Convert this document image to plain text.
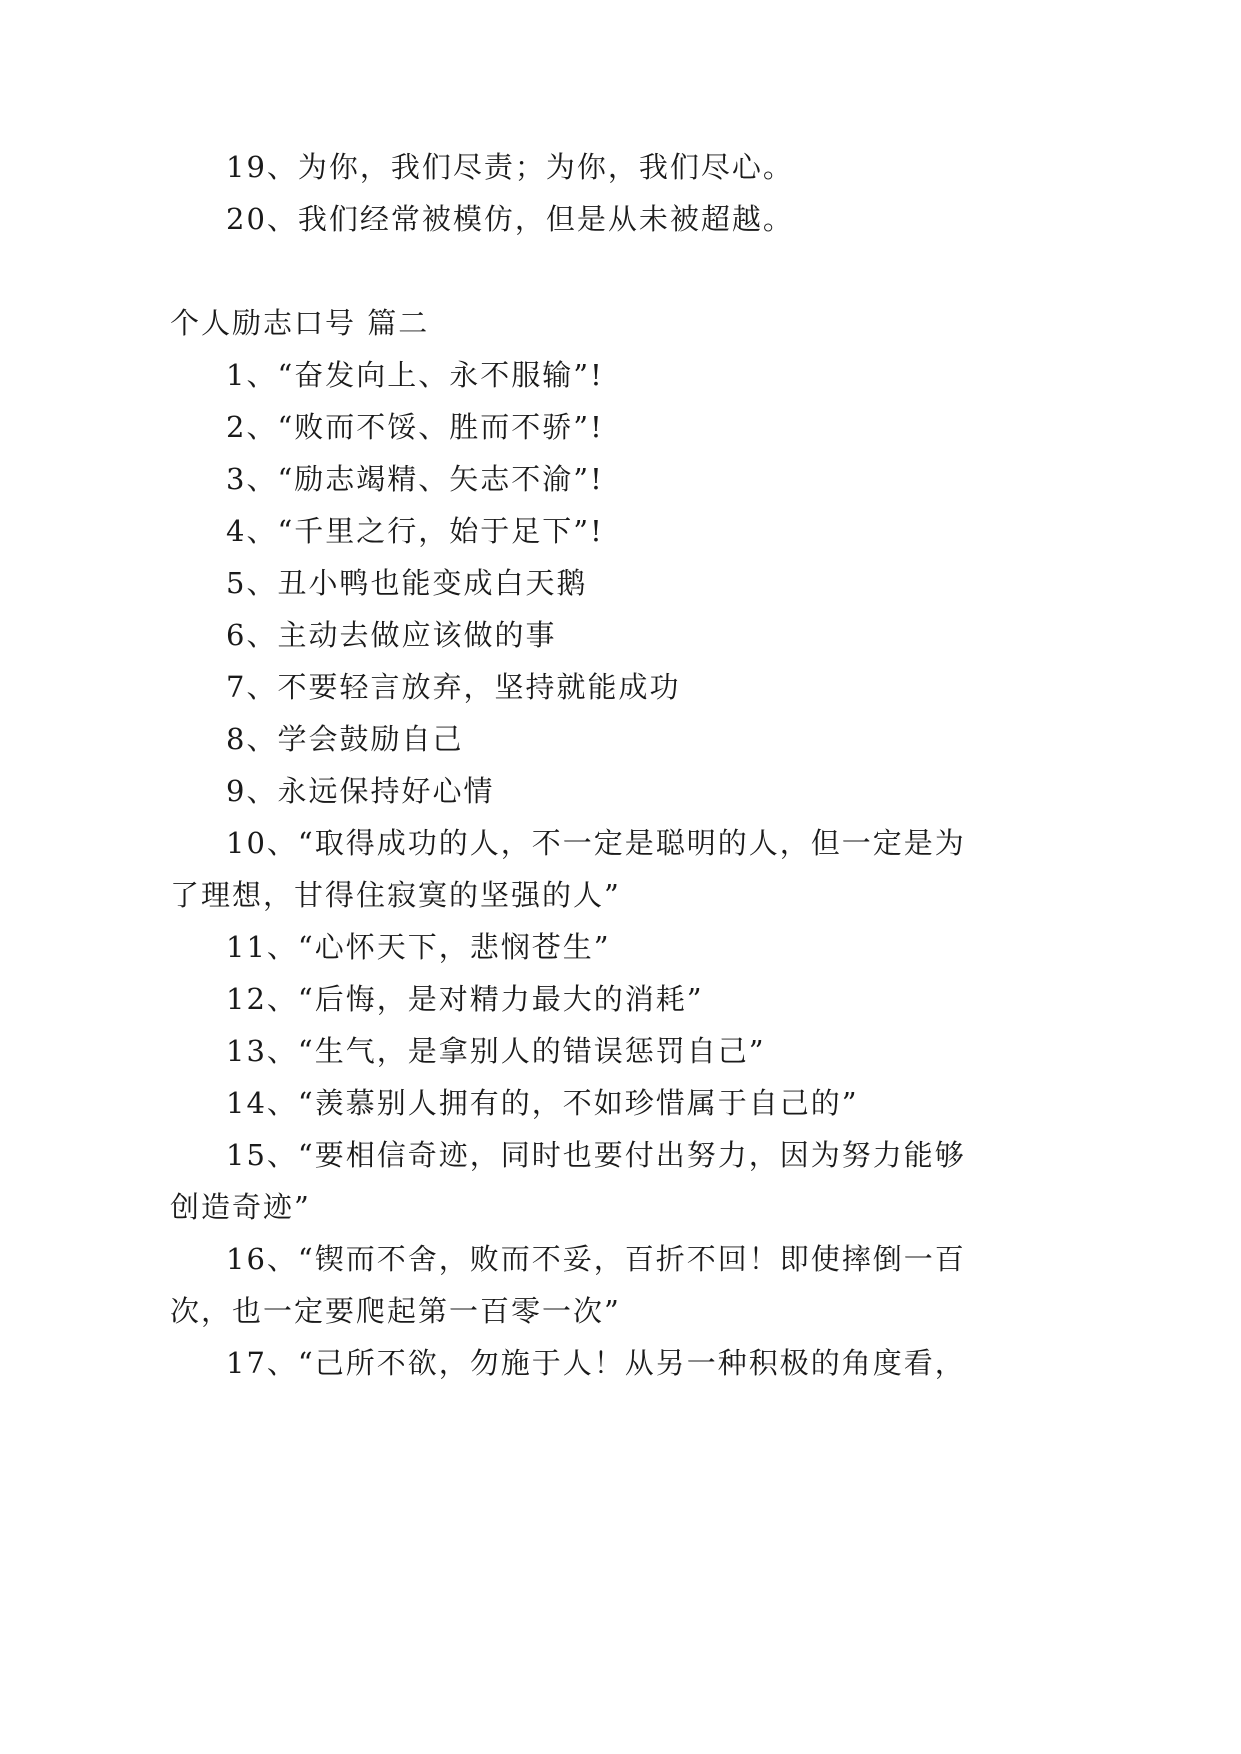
19、为你，我们尽责；为你，我们尽心。
20、我们经常被模仿，但是从未被超越。
个人励志口号 篇二
1、“奋发向上、永不服输”!
2、“败而不馁、胜而不骄”!
3、“励志竭精、矢志不渝”!
4、“千里之行，始于足下”!
5、丑小鸭也能变成白天鹅
6、主动去做应该做的事
7、不要轻言放弃，坚持就能成功
8、学会鼓励自己
9、永远保持好心情
10、“取得成功的人，不一定是聪明的人，但一定是为
了理想，甘得住寂寞的坚强的人”
11、“心怀天下，悲悯苍生”
12、“后悔，是对精力最大的消耗”
13、“生气，是拿别人的错误惩罚自己”
14、“羡慕别人拥有的，不如珍惜属于自己的”
15、“要相信奇迹，同时也要付出努力，因为努力能够
创造奇迹”
16、“锲而不舍，败而不妥，百折不回！即使摔倒一百
次，也一定要爬起第一百零一次”
17、“己所不欲，勿施于人！从另一种积极的角度看，
